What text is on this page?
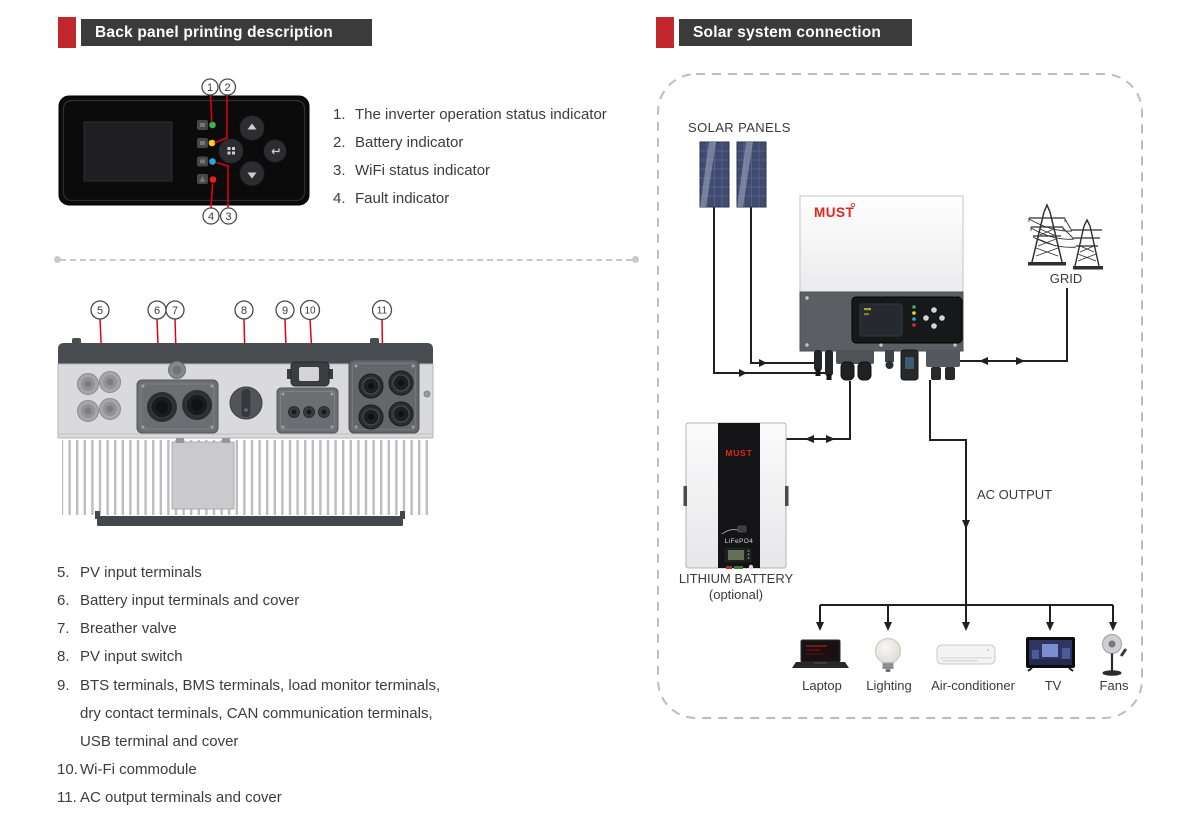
Back panel printing description	Solar system connection
1 2
4 3
1. The inverter operation status indicator
2. Battery indicator
3. WiFi status indicator
4. Fault indicator
5	6 7	8	9 10	11
5. PV input terminals
6. Battery input terminals and cover
7. Breather valve
8. PV input switch
9. BTS terminals, BMS terminals, load monitor terminals,
dry contact terminals, CAN communication terminals,
USB terminal and cover
10. Wi-Fi commodule
11. AC output terminals and cover
MUST
MUST
LiFePO4
SOLAR PANELS
GRID
AC OUTPUT
LITHIUM BATTERY
(optional)
Laptop	Lighting	Air-conditioner	TV	Fans
